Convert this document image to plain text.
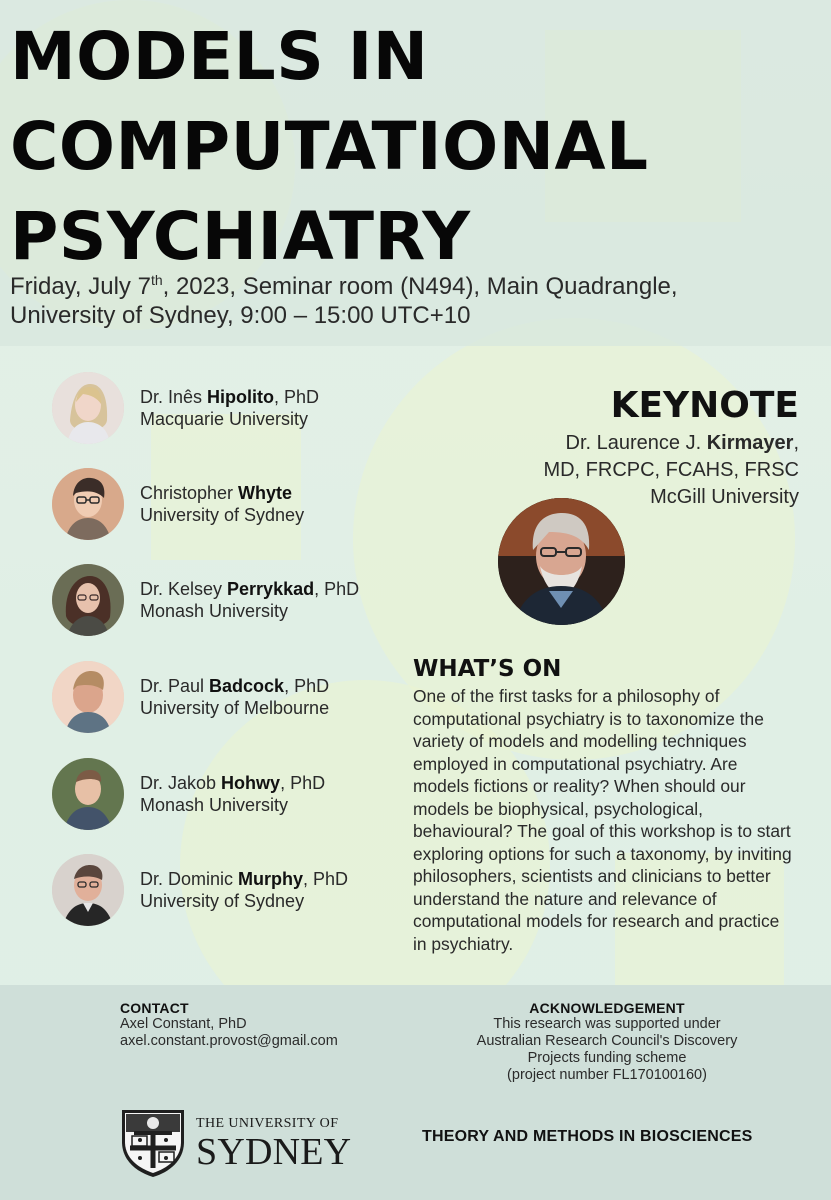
MODELS IN
COMPUTATIONAL
PSYCHIATRY
Friday, July 7th, 2023, Seminar room (N494), Main Quadrangle,
University of Sydney, 9:00 – 15:00 UTC+10
Dr. Inês Hipolito, PhD
Macquarie University
Christopher Whyte
University of Sydney
Dr. Kelsey Perrykkad, PhD
Monash University
Dr. Paul Badcock, PhD
University of Melbourne
Dr. Jakob Hohwy, PhD
Monash University
Dr. Dominic Murphy, PhD
University of Sydney
KEYNOTE
Dr. Laurence J. Kirmayer,
MD, FRCPC, FCAHS, FRSC
McGill University
WHAT’S ON

One of the first tasks for a philosophy of computational psychiatry is to taxonomize the variety of models and modelling techniques employed in computational psychiatry. Are models fictions or reality? When should our models be biophysical, psychological, behavioural? The goal of this workshop is to start exploring options for such a taxonomy, by inviting philosophers, scientists and clinicians to better understand the nature and relevance of computational models for research and practice in psychiatry.

CONTACT
Axel Constant, PhD
axel.constant.provost@gmail.com
ACKNOWLEDGEMENT
This research was supported under
Australian Research Council's Discovery
Projects funding scheme
(project number FL170100160)
THE UNIVERSITY OF
SYDNEY	THEORY AND METHODS IN BIOSCIENCES
